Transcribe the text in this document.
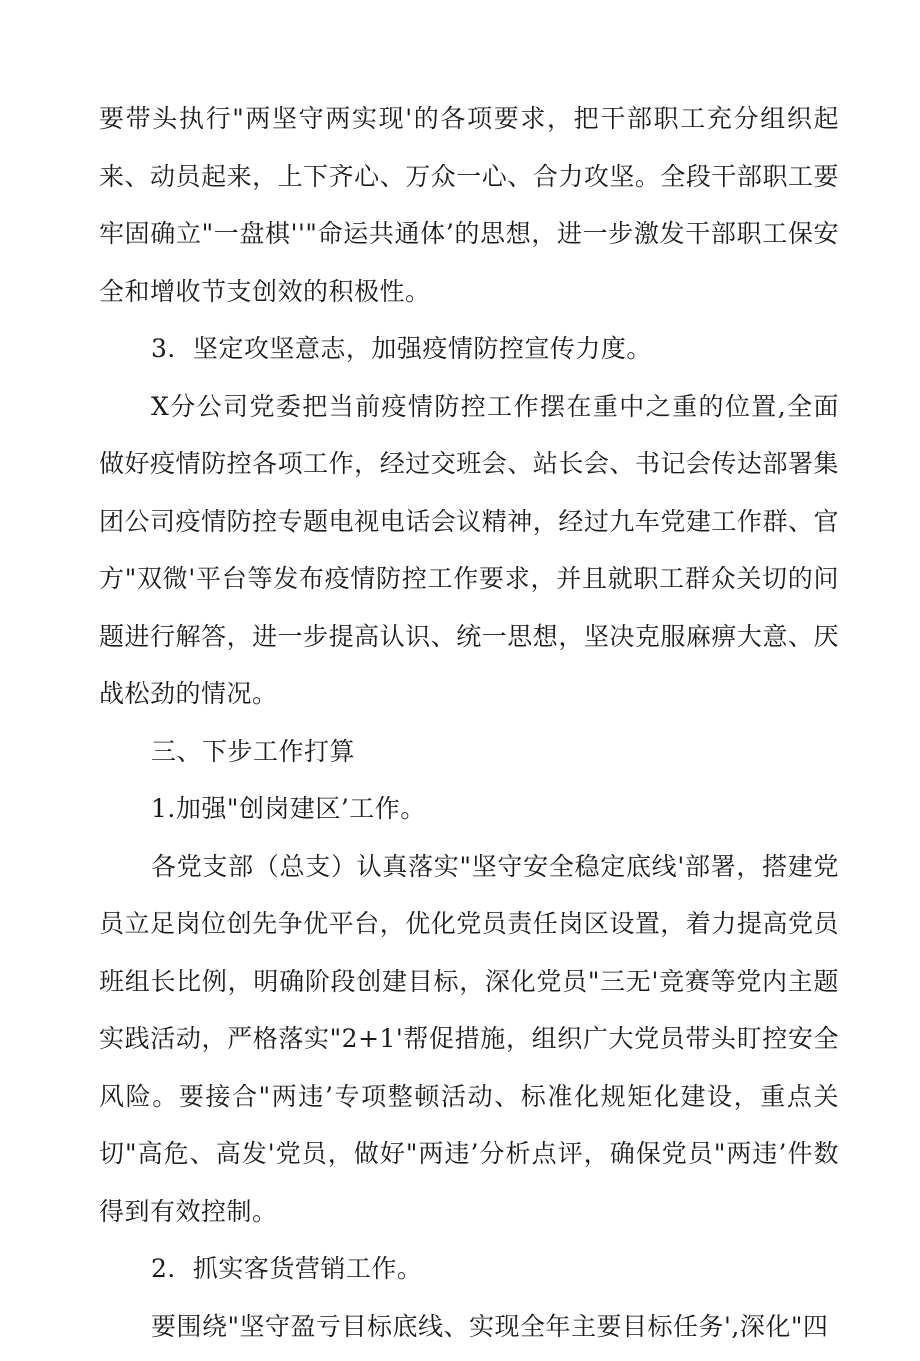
要带头执行"两坚守两实现'的各项要求，把干部职工充分组织起来、动员起来，上下齐心、万众一心、合力攻坚。全段干部职工要牢固确立"一盘棋''"命运共通体’的思想，进一步激发干部职工保安全和增收节支创效的积极性。

3．坚定攻坚意志，加强疫情防控宣传力度。

X分公司党委把当前疫情防控工作摆在重中之重的位置,全面做好疫情防控各项工作，经过交班会、站长会、书记会传达部署集团公司疫情防控专题电视电话会议精神，经过九车党建工作群、官方"双微'平台等发布疫情防控工作要求，并且就职工群众关切的问题进行解答，进一步提高认识、统一思想，坚决克服麻痹大意、厌战松劲的情况。

三、下步工作打算

1.加强"创岗建区’工作。

各党支部（总支）认真落实"坚守安全稳定底线'部署，搭建党员立足岗位创先争优平台，优化党员责任岗区设置，着力提高党员班组长比例，明确阶段创建目标，深化党员"三无'竞赛等党内主题实践活动，严格落实"2+1'帮促措施，组织广大党员带头盯控安全风险。要接合"两违’专项整顿活动、标准化规矩化建设，重点关切"高危、高发'党员，做好"两违’分析点评，确保党员"两违’件数得到有效控制。

2．抓实客货营销工作。

要围绕"坚守盈亏目标底线、实现全年主要目标任务',深化"四
